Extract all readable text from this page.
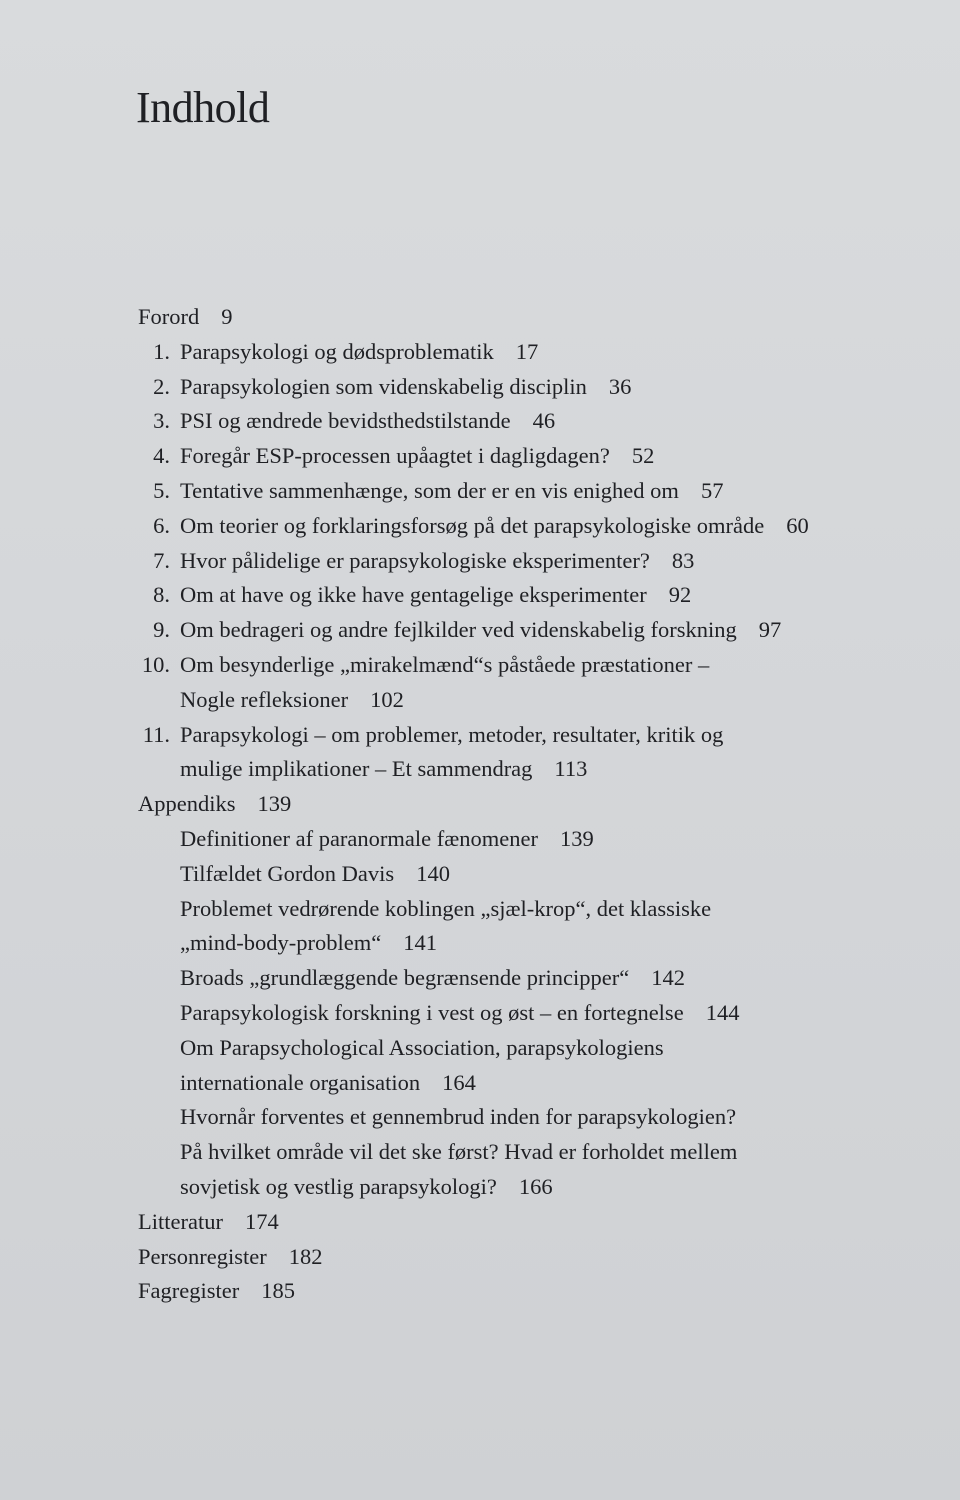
Indhold
Forord 9
1. Parapsykologi og dødsproblematik 17
2. Parapsykologien som videnskabelig disciplin 36
3. PSI og ændrede bevidsthedstilstande 46
4. Foregår ESP-processen upåagtet i dagligdagen? 52
5. Tentative sammenhænge, som der er en vis enighed om 57
6. Om teorier og forklaringsforsøg på det parapsykologiske område 60
7. Hvor pålidelige er parapsykologiske eksperimenter? 83
8. Om at have og ikke have gentagelige eksperimenter 92
9. Om bedrageri og andre fejlkilder ved videnskabelig forskning 97
10. Om besynderlige „mirakelmænd“s påståede præstationer –
Nogle refleksioner 102
11. Parapsykologi – om problemer, metoder, resultater, kritik og
mulige implikationer – Et sammendrag 113
Appendiks 139
Definitioner af paranormale fænomener 139
Tilfældet Gordon Davis 140
Problemet vedrørende koblingen „sjæl-krop“, det klassiske
„mind-body-problem“ 141
Broads „grundlæggende begrænsende principper“ 142
Parapsykologisk forskning i vest og øst – en fortegnelse 144
Om Parapsychological Association, parapsykologiens
internationale organisation 164
Hvornår forventes et gennembrud inden for parapsykologien?
På hvilket område vil det ske først? Hvad er forholdet mellem
sovjetisk og vestlig parapsykologi? 166
Litteratur 174
Personregister 182
Fagregister 185
